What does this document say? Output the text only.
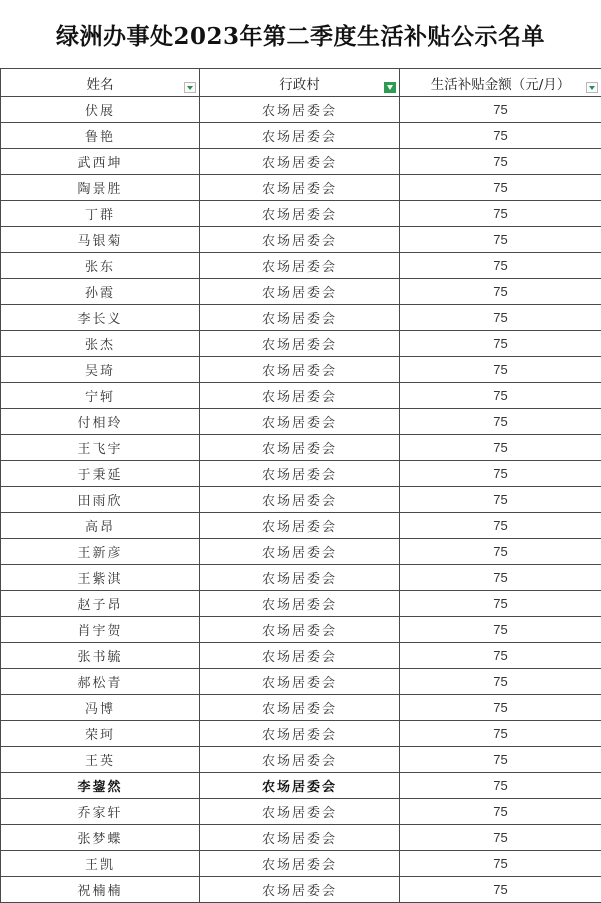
绿洲办事处2023年第二季度生活补贴公示名单
姓名	行政村	生活补贴金额（元/月）

伏展	农场居委会	75
鲁艳	农场居委会	75
武西坤	农场居委会	75
陶景胜	农场居委会	75
丁群	农场居委会	75
马银菊	农场居委会	75
张东	农场居委会	75
孙霞	农场居委会	75
李长义	农场居委会	75
张杰	农场居委会	75
吴琦	农场居委会	75
宁轲	农场居委会	75
付相玲	农场居委会	75
王飞宇	农场居委会	75
于秉延	农场居委会	75
田雨欣	农场居委会	75
高昂	农场居委会	75
王新彦	农场居委会	75
王紫淇	农场居委会	75
赵子昂	农场居委会	75
肖宇贺	农场居委会	75
张书毓	农场居委会	75
郝松青	农场居委会	75
冯博	农场居委会	75
荣珂	农场居委会	75
王英	农场居委会	75
李鋆然	农场居委会	75
乔家轩	农场居委会	75
张梦蝶	农场居委会	75
王凯	农场居委会	75
祝楠楠	农场居委会	75
